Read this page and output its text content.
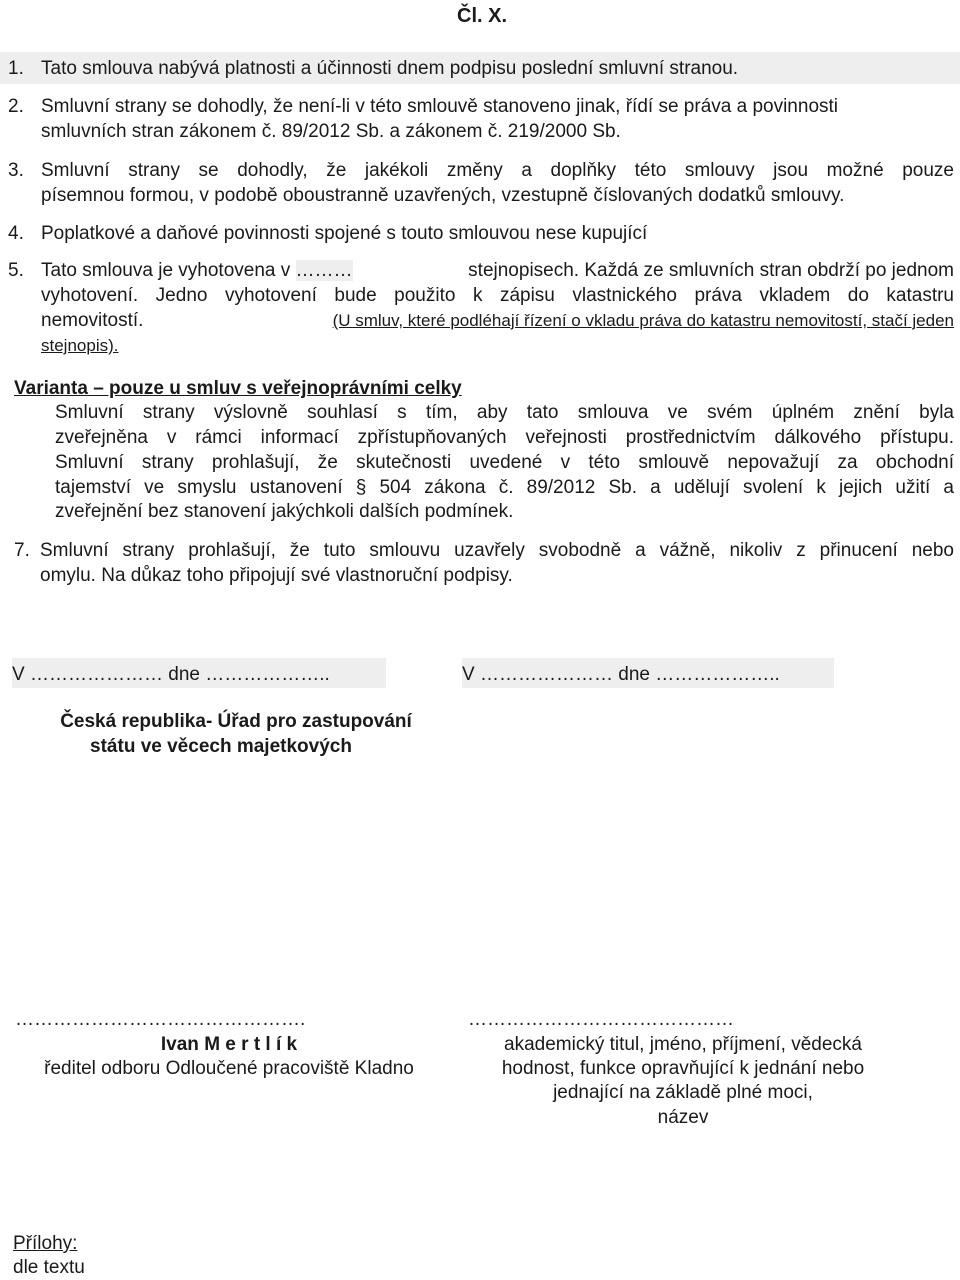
Čl. X.
1. Tato smlouva nabývá platnosti a účinnosti dnem podpisu poslední smluvní stranou.
2. Smluvní strany se dohodly, že není-li v této smlouvě stanoveno jinak, řídí se práva a povinnosti
smluvních stran zákonem č. 89/2012 Sb. a zákonem č. 219/2000 Sb.
3. Smluvní strany se dohodly, že jakékoli změny a doplňky této smlouvy jsou možné pouze
písemnou formou, v podobě oboustranně uzavřených, vzestupně číslovaných dodatků smlouvy.
4. Poplatkové a daňové povinnosti spojené s touto smlouvou nese kupující
5. Tato smlouva je vyhotovena v ………	stejnopisech. Každá ze smluvních stran obdrží po jednom
vyhotovení. Jedno vyhotovení bude použito k zápisu vlastnického práva vkladem do katastru
nemovitostí.	(U smluv, které podléhají řízení o vkladu práva do katastru nemovitostí, stačí jeden
stejnopis).
Varianta – pouze u smluv s veřejnoprávními celky
Smluvní strany výslovně souhlasí s tím, aby tato smlouva ve svém úplném znění byla
zveřejněna v rámci informací zpřístupňovaných veřejnosti prostřednictvím dálkového přístupu.
Smluvní strany prohlašují, že skutečnosti uvedené v této smlouvě nepovažují za obchodní
tajemství ve smyslu ustanovení § 504 zákona č. 89/2012 Sb. a udělují svolení k jejich užití a
zveřejnění bez stanovení jakýchkoli dalších podmínek.
7. Smluvní strany prohlašují, že tuto smlouvu uzavřely svobodně a vážně, nikoliv z přinucení nebo
omylu. Na důkaz toho připojují své vlastnoruční podpisy.
V ………………… dne ………………..	V ………………… dne ………………..
Česká republika- Úřad pro zastupování
státu ve věcech majetkových
……………………………………….
Ivan M e r t l í k
ředitel odboru Odloučené pracoviště Kladno
……………………………………
akademický titul, jméno, příjmení, vědecká
hodnost, funkce opravňující k jednání nebo
jednající na základě plné moci,
název
Přílohy:
dle textu
